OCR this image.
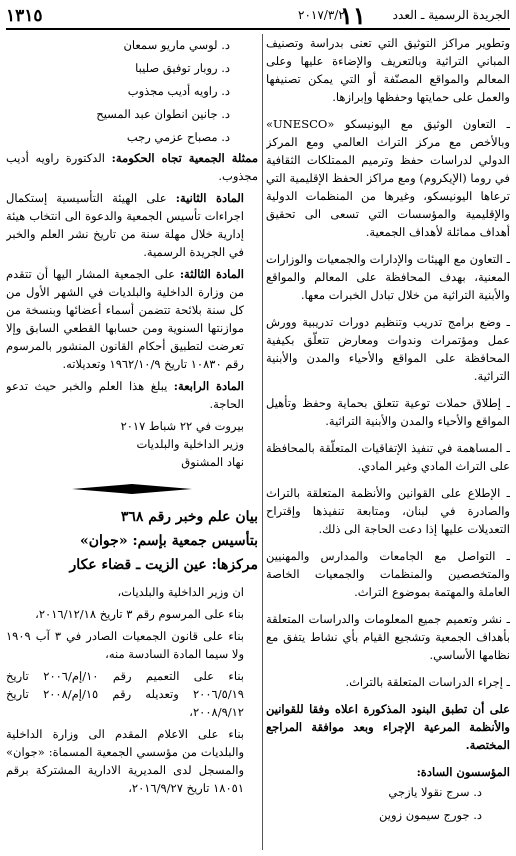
١٣١٥	٢٠١٧/٣/٢
١١ الجريدة الرسمية ـ العدد

وتطوير مراكز التوثيق التي تعنى بدراسة وتصنيف المباني التراثية وبالتعريف والإضاءة عليها وعلى المعالم والمواقع المصنّفة أو التي يمكن تصنيفها والعمل على حمايتها وحفظها وإبرازها.

ـ التعاون الوثيق مع اليونيسكو «UNESCO» وبالأخص مع مركز التراث العالمي ومع المركز الدولي لدراسات حفظ وترميم الممتلكات الثقافية في روما (الإيكروم) ومع مراكز الحفظ الإقليمية التي ترعاها اليونيسكو، وغيرها من المنظمات الدولية والإقليمية والمؤسسات التي تسعى الى تحقيق أهداف مماثلة لأهداف الجمعية.

ـ التعاون مع الهيئات والإدارات والجمعيات والوزارات المعنية، بهدف المحافظة على المعالم والمواقع والأبنية التراثية من خلال تبادل الخبرات معها.

ـ وضع برامج تدريب وتنظيم دورات تدريبية وورش عمل ومؤتمرات وندوات ومعارض تتعلّق بكيفية المحافظة على المواقع والأحياء والمدن والأبنية التراثية.

ـ إطلاق حملات توعية تتعلق بحماية وحفظ وتأهيل المواقع والأحياء والمدن والأبنية التراثية.

ـ المساهمة في تنفيذ الإتفاقيات المتعلّقة بالمحافظة على التراث المادي وغير المادي.

ـ الإطلاع على القوانين والأنظمة المتعلقة بالتراث والصادرة في لبنان، ومتابعة تنفيذها وإقتراح التعديلات عليها إذا دعت الحاجة الى ذلك.

ـ التواصل مع الجامعات والمدارس والمهنيين والمتخصصين والمنظمات والجمعيات الخاصة العاملة والمهتمة بموضوع التراث.

ـ نشر وتعميم جميع المعلومات والدراسات المتعلقة بأهداف الجمعية وتشجيع القيام بأي نشاط يتفق مع نظامها الأساسي.

ـ إجراء الدراسات المتعلقة بالتراث.

على أن تطبق البنود المذكورة اعلاه وفقا للقوانين والأنظمة المرعية الإجراء وبعد موافقة المراجع المختصة.

المؤسسون السادة:

د. سرج نقولا يازجي

د. جورج سيمون زوين

د. لوسي ماريو سمعان

د. روبار توفيق صليبا

د. راويه أديب مجذوب

د. جانين انطوان عبد المسيح

د. مصباح عزمي رجب

ممثلة الجمعية تجاه الحكومة: الدكتورة راويه أديب مجذوب.

المادة الثانية: على الهيئة التأسيسية إستكمال اجراءات تأسيس الجمعية والدعوة الى انتخاب هيئة إدارية خلال مهلة سنة من تاريخ نشر العلم والخبر في الجريدة الرسمية.

المادة الثالثة: على الجمعية المشار اليها أن تتقدم من وزارة الداخلية والبلديات في الشهر الأول من كل سنة بلائحة تتضمن أسماء أعضائها وبنسخة من موازنتها السنوية ومن حسابها القطعي السابق وإلا تعرضت لتطبيق أحكام القانون المنشور بالمرسوم رقم ١٠٨٣٠ تاريخ ١٩٦٢/١٠/٩ وتعديلاته.

المادة الرابعة: يبلغ هذا العلم والخبر حيث تدعو الحاجة.

بيروت في ٢٢ شباط ٢٠١٧

وزير الداخلية والبلديات

نهاد المشنوق

بيان علم وخبر رقم ٣٦٨

بتأسيس جمعية بإسم: «جوان»

مركزها: عين الزيت ـ قضاء عكار

ان وزير الداخلية والبلديات،

بناء على المرسوم رقم ٣ تاريخ ٢٠١٦/١٢/١٨،

بناء على قانون الجمعيات الصادر في ٣ آب ١٩٠٩ ولا سيما المادة السادسة منه،

بناء على التعميم رقم ١٠/إم/٢٠٠٦ تاريخ ٢٠٠٦/٥/١٩ وتعديله رقم ١٥/إم/٢٠٠٨ تاريخ ٢٠٠٨/٩/١٢،

بناء على الاعلام المقدم الى وزارة الداخلية والبلديات من مؤسسي الجمعية المسماة: «جوان» والمسجل لدى المديرية الادارية المشتركة برقم ١٨٠٥١ تاريخ ٢٠١٦/٩/٢٧،
